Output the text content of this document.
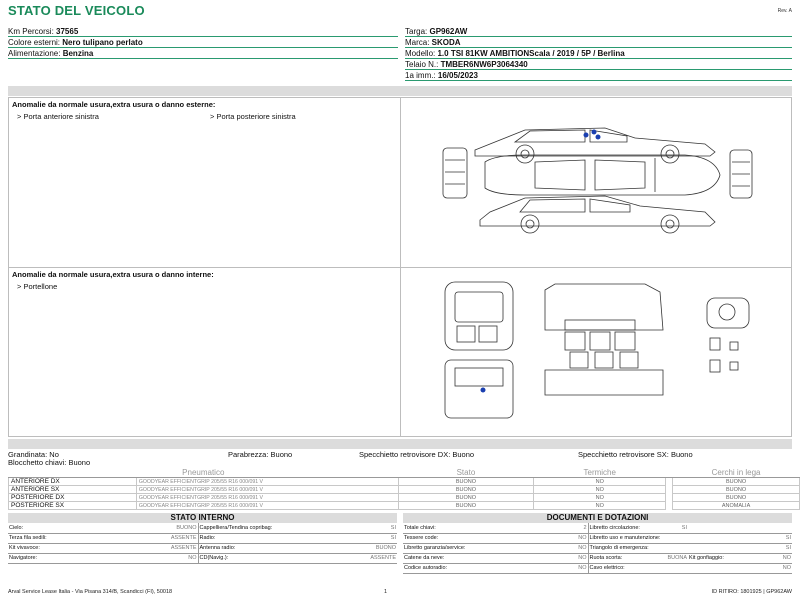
STATO DEL VEICOLO	Rev. A
Km Percorsi: 37565
Colore esterni: Nero tulipano perlato
Alimentazione: Benzina
Targa: GP962AW
Marca: SKODA
Modello: 1.0 TSI 81KW AMBITIONScala / 2019 / 5P / Berlina
Telaio N.: TMBER6NW6P3064340
1a imm.: 16/05/2023
Anomalie da normale usura,extra usura o danno esterne:
> Porta anteriore sinistra	> Porta posteriore sinistra
Anomalie da normale usura,extra usura o danno interne:
> Portellone
Grandinata: No	Parabrezza: Buono	Specchietto retrovisore DX: Buono	Specchietto retrovisore SX: Buono
Blocchetto chiavi: Buono
Pneumatico		Stato	Termiche		Cerchi in lega
ANTERIORE DX	GOODYEAR EFFICIENTGRIP 205/55 R16 000/091 V	BUONO	NO		BUONO
ANTERIORE SX	GOODYEAR EFFICIENTGRIP 205/55 R16 000/091 V	BUONO	NO		BUONO
POSTERIORE DX	GOODYEAR EFFICIENTGRIP 205/55 R16 000/091 V	BUONO	NO		BUONO
POSTERIORE SX	GOODYEAR EFFICIENTGRIP 205/55 R16 000/091 V	BUONO	NO		ANOMALIA
STATO INTERNO
Cielo:	BUONO	Cappelliera/Tendina copribag:	SI
Terza fila sedili:	ASSENTE	Radio:	SI
Kit vivavoce:	ASSENTE	Antenna radio:	BUONO
Navigatore:	NO	CD(Navig.):	ASSENTE
DOCUMENTI E DOTAZIONI
Totale chiavi:	2	Libretto circolazione:	SI		
Tessere code:	NO	Libretto uso e manutenzione:			SI
Libretto garanzia/service:	NO	Triangolo di emergenza:			SI
Catene da neve:	NO	Ruota scorta:	BUONA	Kit gonfiaggio:	NO
Codice autoradio:	NO	Cavo elettrico:			NO
Arval Service Lease Italia - Via Pisana 314/B, Scandicci (FI), 50018	1	ID RITIRO: 1801925 | GP962AW
